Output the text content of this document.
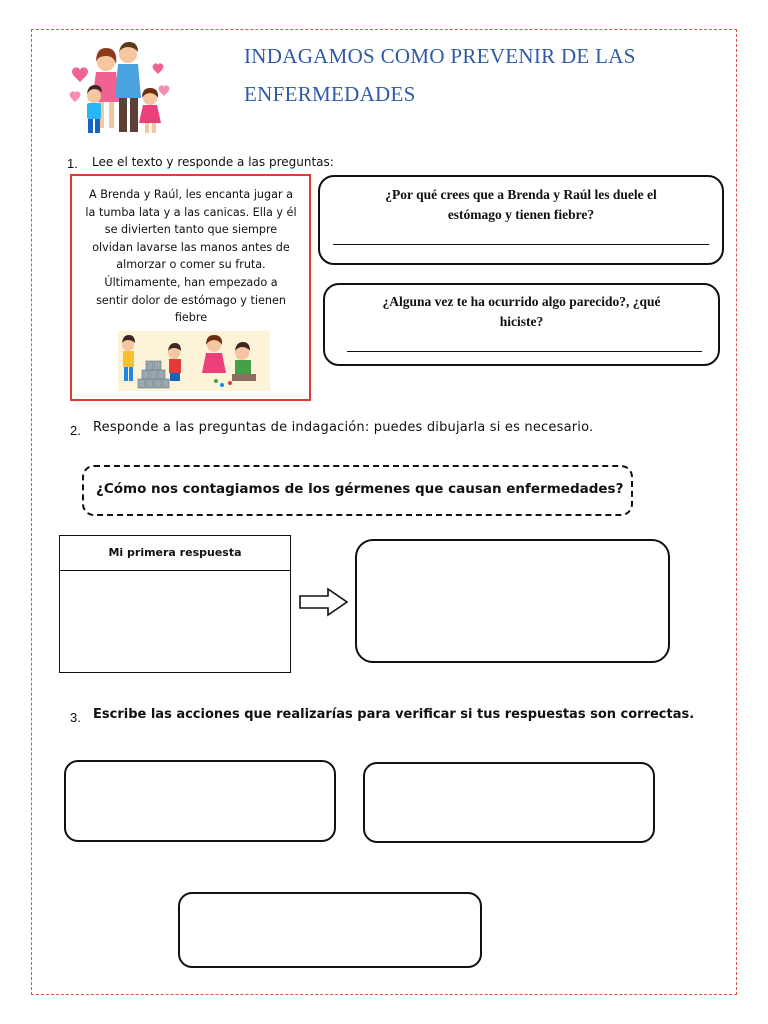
INDAGAMOS COMO PREVENIR DE LAS
ENFERMEDADES
1. Lee el texto y responde a las preguntas:
A Brenda y Raúl, les encanta jugar a
la tumba lata y a las canicas. Ella y él
se divierten tanto que siempre
olvidan lavarse las manos antes de
almorzar o comer su fruta.
Últimamente, han empezado a
sentir dolor de estómago y tienen
fiebre
¿Por qué crees que a Brenda y Raúl les duele el
estómago y tienen fiebre?
¿Alguna vez te ha ocurrido algo parecido?, ¿qué
hiciste?
2. Responde a las preguntas de indagación: puedes dibujarla si es necesario.
¿Cómo nos contagiamos de los gérmenes que causan enfermedades?
Mi primera respuesta
3. Escribe las acciones que realizarías para verificar si tus respuestas son correctas.
